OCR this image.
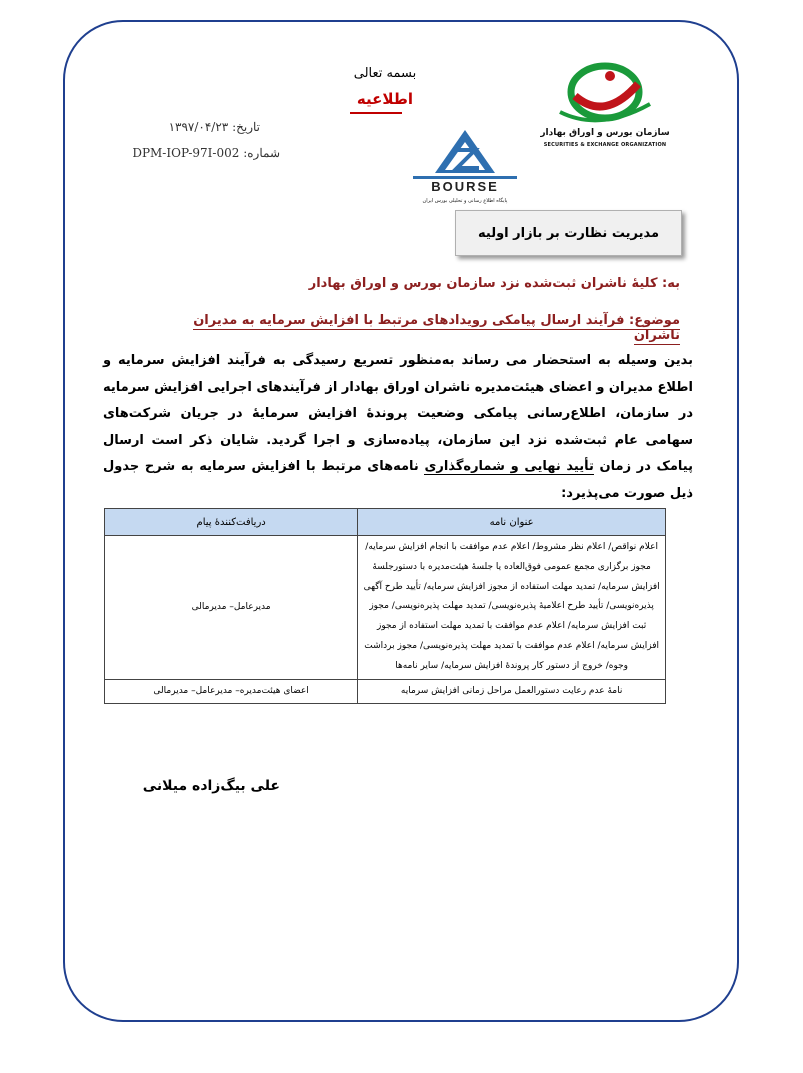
سازمان بورس و اوراق بهادار
SECURITIES & EXCHANGE ORGANIZATION
BOURSE
پایگاه اطلاع رسانی و تحلیلی بورس ایران
بسمه تعالی
اطلاعیه
تاریخ: ۱۳۹۷/۰۴/۲۳
شماره: DPM-IOP-97I-002
مدیریت نظارت بر بازار اولیه
به: کلیهٔ ناشران ثبت‌شده نزد سازمان بورس و اوراق بهادار
موضوع: فرآیند ارسال پیامکی رویدادهای مرتبط با افزایش سرمایه به مدیران ناشران
بدین وسیله به استحضار می رساند به‌منظور تسریع رسیدگی به فرآیند افزایش سرمایه و اطلاع مدیران و اعضای هیئت‌مدیره ناشران اوراق بهادار از فرآیندهای اجرایی افزایش سرمایه در سازمان، اطلاع‌رسانی پیامکی وضعیت پروندهٔ افزایش سرمایهٔ در جریان شرکت‌های سهامی عام ثبت‌شده نزد این سازمان، پیاده‌سازی و اجرا گردید. شایان ذکر است ارسال پیامک در زمان تأیید نهایی و شماره‌گذاری نامه‌های مرتبط با افزایش سرمایه به شرح جدول ذیل صورت می‌پذیرد:
عنوان نامه	دریافت‌کنندهٔ پیام
اعلام نواقص/ اعلام نظر مشروط/ اعلام عدم موافقت با انجام افزایش سرمایه/ مجوز برگزاری مجمع عمومی فوق‌العاده یا جلسهٔ هیئت‌مدیره با دستورجلسهٔ افزایش سرمایه/ تمدید مهلت استفاده از مجوز افزایش سرمایه/ تأیید طرح آگهی پذیره‌نویسی/ تأیید طرح اعلامیهٔ پذیره‌نویسی/ تمدید مهلت پذیره‌نویسی/ مجوز ثبت افزایش سرمایه/ اعلام عدم موافقت با تمدید مهلت استفاده از مجوز افزایش سرمایه/ اعلام عدم موافقت با تمدید مهلت پذیره‌نویسی/ مجوز برداشت وجوه/ خروج از دستور کار پروندهٔ افزایش سرمایه/ سایر نامه‌ها	مدیرعامل– مدیرمالی
نامهٔ عدم رعایت دستورالعمل مراحل زمانی افزایش سرمایه	اعضای هیئت‌مدیره– مدیرعامل– مدیرمالی
علی بیگ‌زاده میلانی
